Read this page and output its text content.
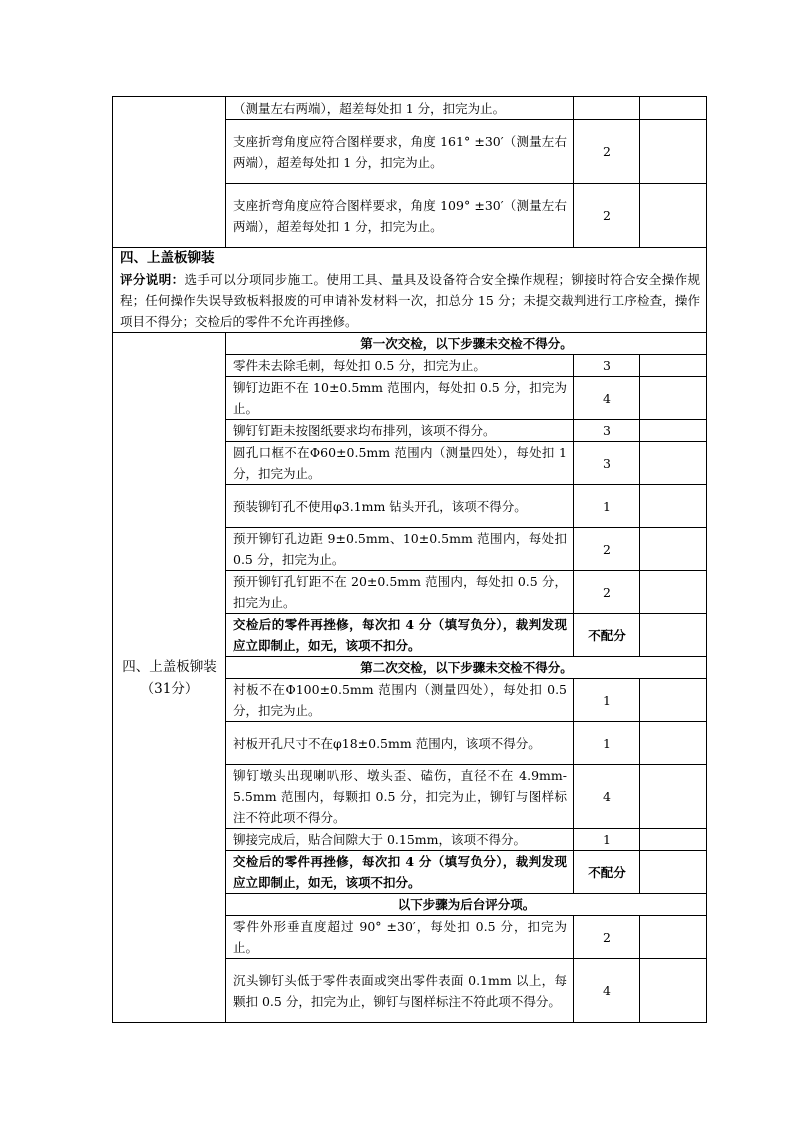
	（测量左右两端），超差每处扣 1 分，扣完为止。		
	支座折弯角度应符合图样要求，角度 161° ±30′（测量左右两端），超差每处扣 1 分，扣完为止。	2	
	支座折弯角度应符合图样要求，角度 109° ±30′（测量左右两端），超差每处扣 1 分，扣完为止。	2	

四、上盖板铆装
评分说明：选手可以分项同步施工。使用工具、量具及设备符合安全操作规程；铆接时符合安全操作规程；任何操作失误导致板料报废的可申请补发材料一次，扣总分 15 分；未提交裁判进行工序检查，操作项目不得分；交检后的零件不允许再挫修。			

四、上盖板铆装
（31分）	第一次交检，以下步骤未交检不得分。		
	零件未去除毛刺，每处扣 0.5 分，扣完为止。	3	
	铆钉边距不在 10±0.5mm 范围内，每处扣 0.5 分，扣完为止。	4	
	铆钉钉距未按图纸要求均布排列，该项不得分。	3	
	圆孔口框不在Φ60±0.5mm 范围内（测量四处），每处扣 1 分，扣完为止。	3	
	预装铆钉孔不使用φ3.1mm 钻头开孔，该项不得分。	1	
	预开铆钉孔边距 9±0.5mm、10±0.5mm 范围内，每处扣 0.5 分，扣完为止。	2	
	预开铆钉孔钉距不在 20±0.5mm 范围内，每处扣 0.5 分，扣完为止。	2	
	交检后的零件再挫修，每次扣 4 分（填写负分），裁判发现应立即制止，如无，该项不扣分。	不配分	
	第二次交检，以下步骤未交检不得分。		
	衬板不在Φ100±0.5mm 范围内（测量四处），每处扣 0.5 分，扣完为止。	1	
	衬板开孔尺寸不在φ18±0.5mm 范围内，该项不得分。	1	
	铆钉墩头出现喇叭形、墩头歪、磕伤，直径不在 4.9mm-5.5mm 范围内，每颗扣 0.5 分，扣完为止，铆钉与图样标注不符此项不得分。	4	
	铆接完成后，贴合间隙大于 0.15mm，该项不得分。	1	
	交检后的零件再挫修，每次扣 4 分（填写负分），裁判发现应立即制止，如无，该项不扣分。	不配分	
	以下步骤为后台评分项。		
	零件外形垂直度超过 90° ±30′，每处扣 0.5 分，扣完为止。	2	
	沉头铆钉头低于零件表面或突出零件表面 0.1mm 以上，每颗扣 0.5 分，扣完为止，铆钉与图样标注不符此项不得分。	4	
